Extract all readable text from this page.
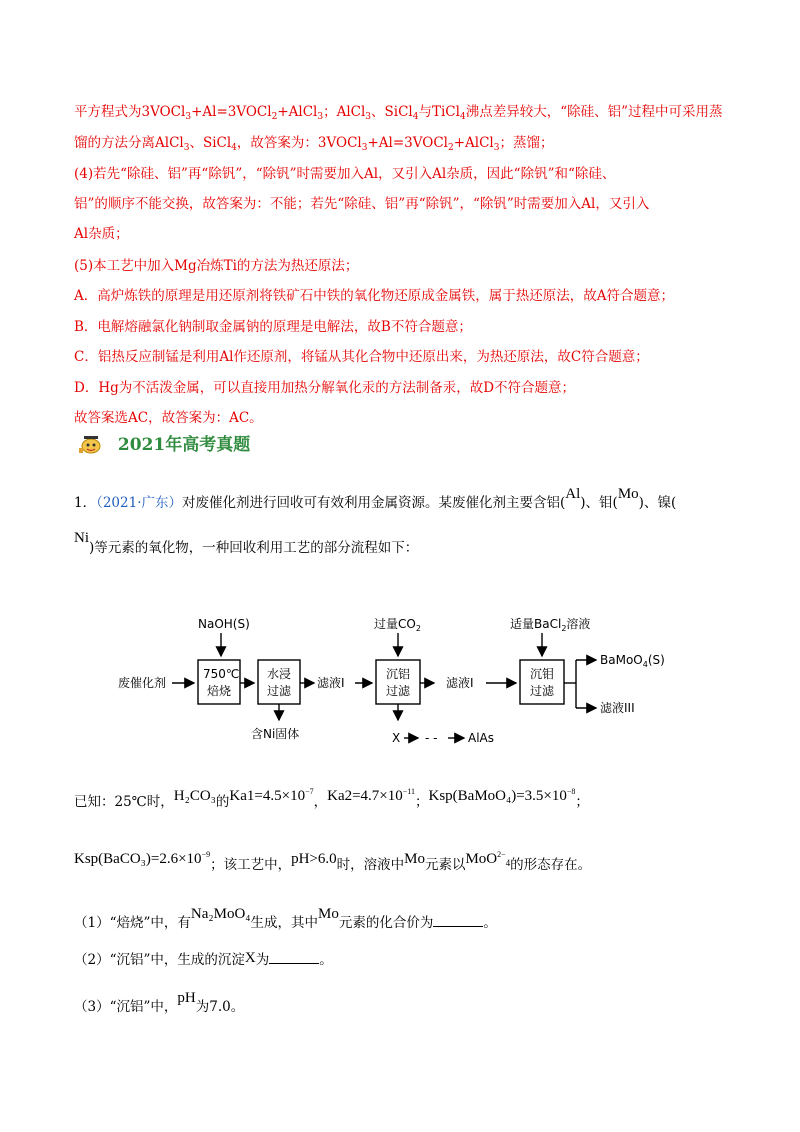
平方程式为3VOCl$_3$+Al=3VOCl$_2$+AlCl$_3$；AlCl$_3$、SiCl$_4$与TiCl$_4$沸点差异较大，“除硅、铝”过程中可采用蒸
馏的方法分离AlCl$_3$、SiCl$_4$，故答案为：3VOCl$_3$+Al=3VOCl$_2$+AlCl$_3$；蒸馏；
(4)若先“除硅、铝”再“除钒”，“除钒”时需要加入Al，又引入Al杂质，因此“除钒”和“除硅、
铝”的顺序不能交换，故答案为：不能；若先“除硅、铝”再“除钒”，“除钒”时需要加入Al，又引入
Al杂质；
(5)本工艺中加入Mg冶炼Ti的方法为热还原法；
A．高炉炼铁的原理是用还原剂将铁矿石中铁的氧化物还原成金属铁，属于热还原法，故A符合题意；
B．电解熔融氯化钠制取金属钠的原理是电解法，故B不符合题意；
C．铝热反应制锰是利用Al作还原剂，将锰从其化合物中还原出来，为热还原法，故C符合题意；
D．Hg为不活泼金属，可以直接用加热分解氧化汞的方法制备汞，故D不符合题意；
故答案选AC，故答案为：AC。
2021年高考真题
1．（2021·广东）对废催化剂进行回收可有效利用金属资源。某废催化剂主要含铝(Al)、钼(Mo)、镍(
Ni)等元素的氧化物，一种回收利用工艺的部分流程如下：
NaOH(S)	过量$CO_2$	适量BaCl$_2$溶液
废催化剂
750℃
焙烧
水浸
过滤
含Ni固体
滤液I
沉铝
过滤
X - -	AlAs
滤液I
沉钼
过滤
BaMoO$_4$(S)
滤液III
已知：25℃时，H₂CO₃的$Ka1=4.5\times 10^{-7}$，$Ka2=4.7\times 10^{-11}$；$Ksp(BaMoO_4)=3.5\times 10^{-8}$；
$Ksp(BaCO_3)=2.6\times 10^{-9}$；该工艺中，pH>6.0时，溶液中Mo元素以MoO$^{2-}_4$的形态存在。
（1）“焙烧”中，有Na₂MoO₄生成，其中Mo元素的化合价为	。
（2）“沉铝”中，生成的沉淀X为	。
（3）“沉铝”中，pH为7.0。
